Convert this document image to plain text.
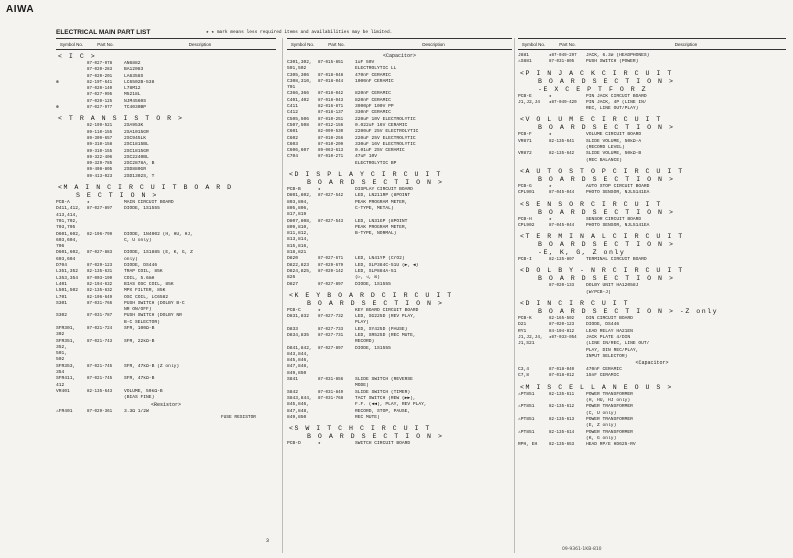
AIWA
ELECTRICAL MAIN PART LIST	★ ★ mark means less required items and availabilities may be limited.
Symbol No.	Part No.	Description
< I C >
87-027-978	AN6882
87-020-283	BA12083
87-020-201	LA6358S
⊛	82-19T-641	LC6502B-538
87-020-140	L78M12
87-027-995	M5218L
87-020-125	NJM4560S
⊛	87-027-977	TC4030BP
< T R A N S I S T O R >
82-199-521	2SA953K
89-110-155	2SA1015GR
89-309-657	2SC945LK
89-310-158	2SC1815BL
89-310-155	2SC1815GR
89-322-406	2SC2240BL
89-329-785	2SC2878A, B
89-408-805	2SD880GR
89-413-023	2SD1302S, T
<M A I N C I R C U I T B O A R D
S E C T I O N >
PCB-A	★	MAIN CIRCUIT BOARD
D411,412,	87-027-897	DIODE, 1S1555
413,414,
701,702,
703,705
D601,602,	82-196-799	DIODE, 1N4002 (H, HU, HJ,
603,604,	C, U only)
706
D601,602,	87-027-883	DIODE, 1S1885 (E, K, G, Z
603,604	only)
D704	87-029-123	DIODE, DS446
L351,352	82-135-631	TRAP COIL, 85K
L353,354	87-003-199	COIL, 5.6mH
L401	82-194-632	BIAS OSC COIL, 85K
L501,502	82-135-632	MPX FILTER, 85K
L701	82-196-649	OSC COIL, LC6582
S301	87-031-766	PUSH SWITCH (DOLBY B-C
NR ON/OFF)
S302	87-031-787	PUSH SWITCH (DOLBY NR
B-C SELECTOR)
SFR301,	87-021-724	SFR, 100Ω-B
302
SFR351,	87-021-743	SFR, 22kΩ-B
352,
501,
502
SFR353,	87-021-745	SFR, 47kΩ-B (Z only)
354
SFR411,	87-021-745	SFR, 47kΩ-B
412
VR401	82-135-643	VOLUME, 50kΩ-B
(BIAS FINE)
<Resistor>
⚠FR401	87-029-361	3.3Ω 1/2W
FUSE RESISTOR
Symbol No.	Part No.	Description
<Capacitor>
C301,302,	87-015-851	1uF 50V
501,502	ELECTROLYTIC LL
C305,306	87-018-048	470nF CERAMIC
C308,310,	87-018-044	1000nF CERAMIC
701
C366,366	87-018-042	820nF CERAMIC
C401,402	87-018-043	820nF CERAMIC
C411	82-016-871	3900pF 100V PP
C412	87-018-137	330nF CERAMIC
C505,506	87-010-251	220uF 10V ELECTROLYTIC
C507,508	87-012-156	0.022uF 16V CERAMIC
C601	82-099-530	2200uF 25V ELECTROLYTIC
C602	87-010-256	220uF 25V ELECTROLYTIC
C603	87-010-209	330uF 16V ELECTROLYTIC
C606,607	89-063-613	0.01uF 25V CERAMIC
C704	87-010-271	47uF 10V
ELECTROLYTIC BP
<D I S P L A Y C I R C U I T
B O A R D S E C T I O N >
PCB-B	★	DISPLAY CIRCUIT BOARD
D801,802,	87-027-542	LED, LN211RP (8POINT
803,804,	PEAK PROGRAM METER,
805,806,	C-TYPE, METAL)
817,819
D807,808,	87-027-543	LED, LN31GP (8POINT
809,810,	PEAK PROGRAM METER,
811,812,	B-TYPE, NORMAL)
813,814,
815,816,
818,821
D820	87-027-671	LED, LN41YP (CrO2)
D822,823	87-029-679	LED, SLP384C-51U (▶, ◀)
D824,825,	87-020-142	LED, SLP884A-51
826	(▷, ◁, ⊡)
D827	87-027-897	DIODE, 1S1555
<K E Y B O A R D C I R C U I T
B O A R D S E C T I O N >
PCB-C	★	KEY BOARD CIRCUIT BOARD
D831,832	87-027-732	LED, SG225D (REV PLAY,
PLAY)
D833	87-027-733	LED, SY425D (PAUSE)
D834,835	87-027-731	LED, SR525D (REC MUTE,
RECORD)
D841,842,	87-027-897	DIODE, 1S1555
843,844,
845,846,
847,848,
849,850
S841	87-031-856	SLIDE SWITCH (REVERSE
MODE)
S842	87-031-849	SLIDE SWITCH (TIMER)
S843,844,	87-031-768	TACT SWITCH (REW (▶▶),
845,846,	F.F. (◀◀), PLAY, REV PLAY,
847,848,	RECORD, STOP, PAUSE,
849,850	REC MUTE)
<S W I T C H C I R C U I T
B O A R D S E C T I O N >
PCB-D	★	SWITCH CIRCUIT BOARD
Symbol No.	Part No.	Description
J881	★87-049-297	JACK, 6.3ø (HEADPHONES)
⚠S881	87-031-805	PUSH SWITCH (POWER)
<P I N J A C K C I R C U I T
B O A R D S E C T I O N >
-E X C E P T F O R Z
PCB-E	★	PIN JACK CIRCUIT BOARD
J1,J2,J4	★87-049-420	PIN JACK, 4P (LINE IN/
REC, LINE OUT/PLAY)
<V O L U M E C I R C U I T
B O A R D S E C T I O N >
PCB-F	★	VOLUME CIRCUIT BOARD
VR871	82-135-641	SLIDE VOLUME, 50kΩ-A
(RECORD LEVEL)
VR872	82-135-642	SLIDE VOLUME, 50kΩ-B
(REC BALANCE)
<A U T O S T O P C I R C U I T
B O A R D S E C T I O N >
PCB-G	★	AUTO STOP CIRCUIT BOARD
CPL901	87-045-044	PHOTO SENSOR, NJL5141EA
<S E N S O R C I R C U I T
B O A R D S E C T I O N >
PCB-H	★	SENSOR CIRCUIT BOARD
CPL902	87-045-044	PHOTO SENSOR, NJL5141EA
<T E R M I N A L C I R C U I T
B O A R D S E C T I O N >
-E, K, G, Z only
PCB-I	82-135-807	TERMINAL CIRCUIT BOARD
<D O L B Y - N R C I R C U I T
B O A R D S E C T I O N >
87-020-133	DOLBY UNIT HA12058J
(W/PCB-J)
<D I N C I R C U I T
B O A R D S E C T I O N > -Z only
PCB-K	82-165-502	DIN CIRCUIT BOARD
D21	87-020-123	DIODE, DS446
RY1	84-104-812	LEAD RELAY HA21EN
J1,J2,J4,	★87-033-054	JACK PLATE 4/DIN
J1,S21	(LINE IN/REC, LINE OUT/
PLAY, DIN REC/PLAY,
INPUT SELECTOR)
<Capacitor>
C3,4	87-018-040	470nF CERAMIC
C7,8	87-018-012	15nF CERAMIC
<M I S C E L L A N E O U S >
⚠PT851	82-135-611	POWER TRANSFORMER
(H, HU, HJ only)
⚠PT851	82-135-612	POWER TRANSFORMER
(C, U only)
⚠PT851	82-135-613	POWER TRANSFORMER
(E, Z only)
⚠PT851	82-135-614	POWER TRANSFORMER
(K, G only)
RPH, EH	82-135-653	HEAD RP/E HD625-RV
3
09-9361-1KB-810
